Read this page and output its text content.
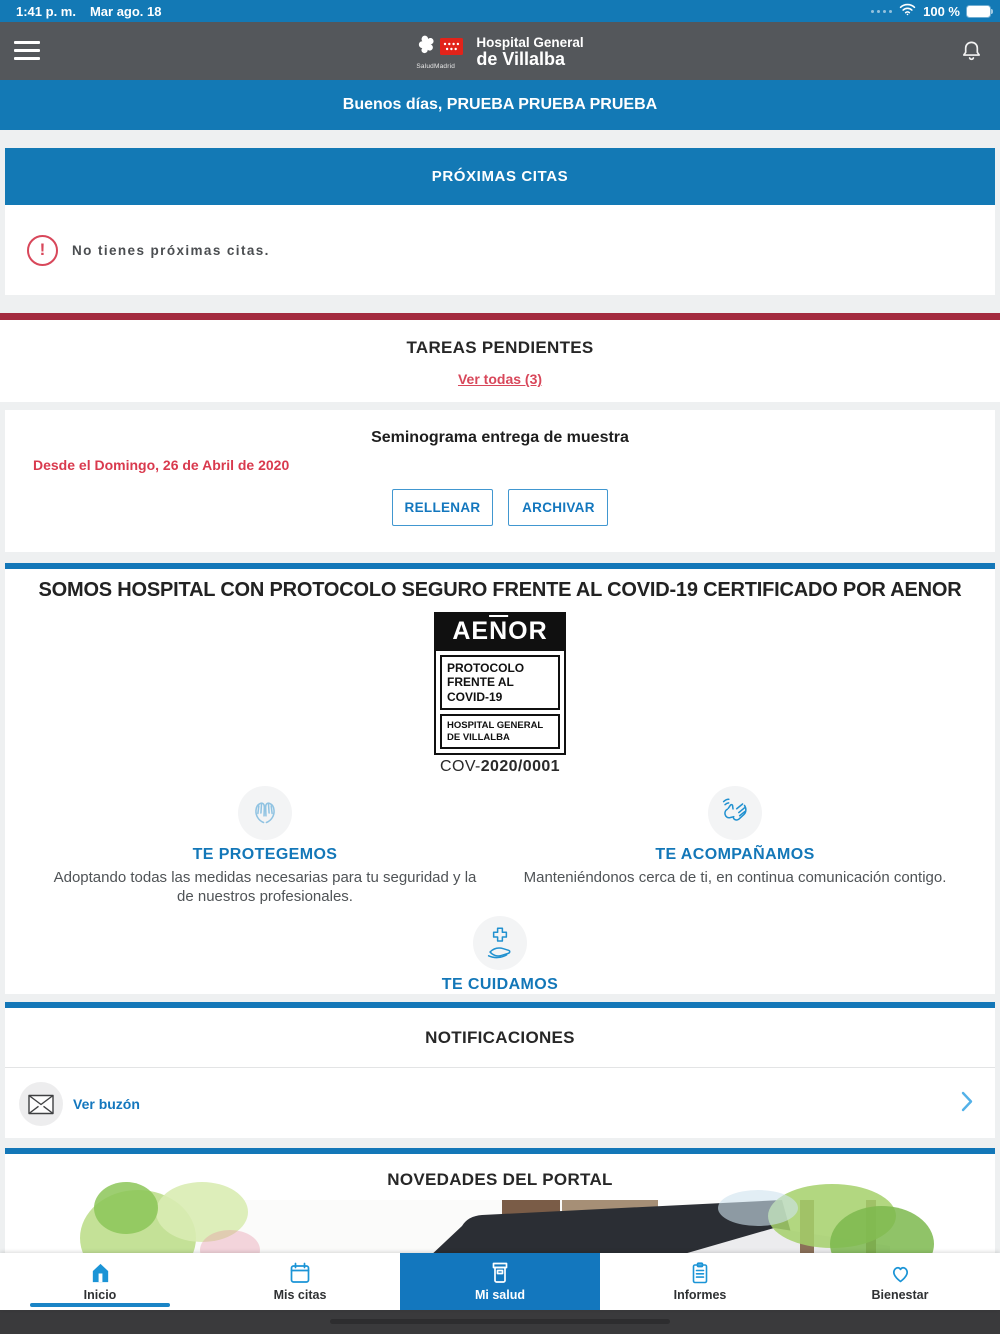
1:41 p. m. Mar ago. 18	100 %
SaludMadrid
Hospital General
de Villalba
Buenos días, PRUEBA PRUEBA PRUEBA
PRÓXIMAS CITAS
!	No tienes próximas citas.
TAREAS PENDIENTES
Ver todas (3)
Seminograma entrega de muestra
Desde el Domingo, 26 de Abril de 2020
RELLENAR	ARCHIVAR
SOMOS HOSPITAL CON PROTOCOLO SEGURO FRENTE AL COVID-19 CERTIFICADO POR AENOR
$AE\overline{N}OR$
PROTOCOLO
FRENTE AL COVID-19
HOSPITAL GENERAL
DE VILLALBA
COV-2020/0001
TE PROTEGEMOS
Adoptando todas las medidas necesarias para tu seguridad y la de nuestros profesionales.
TE ACOMPAÑAMOS
Manteniéndonos cerca de ti, en continua comunicación contigo.
TE CUIDAMOS
NOTIFICACIONES
Ver buzón
NOVEDADES DEL PORTAL
Inicio	Mis citas	Mi salud	Informes	Bienestar
